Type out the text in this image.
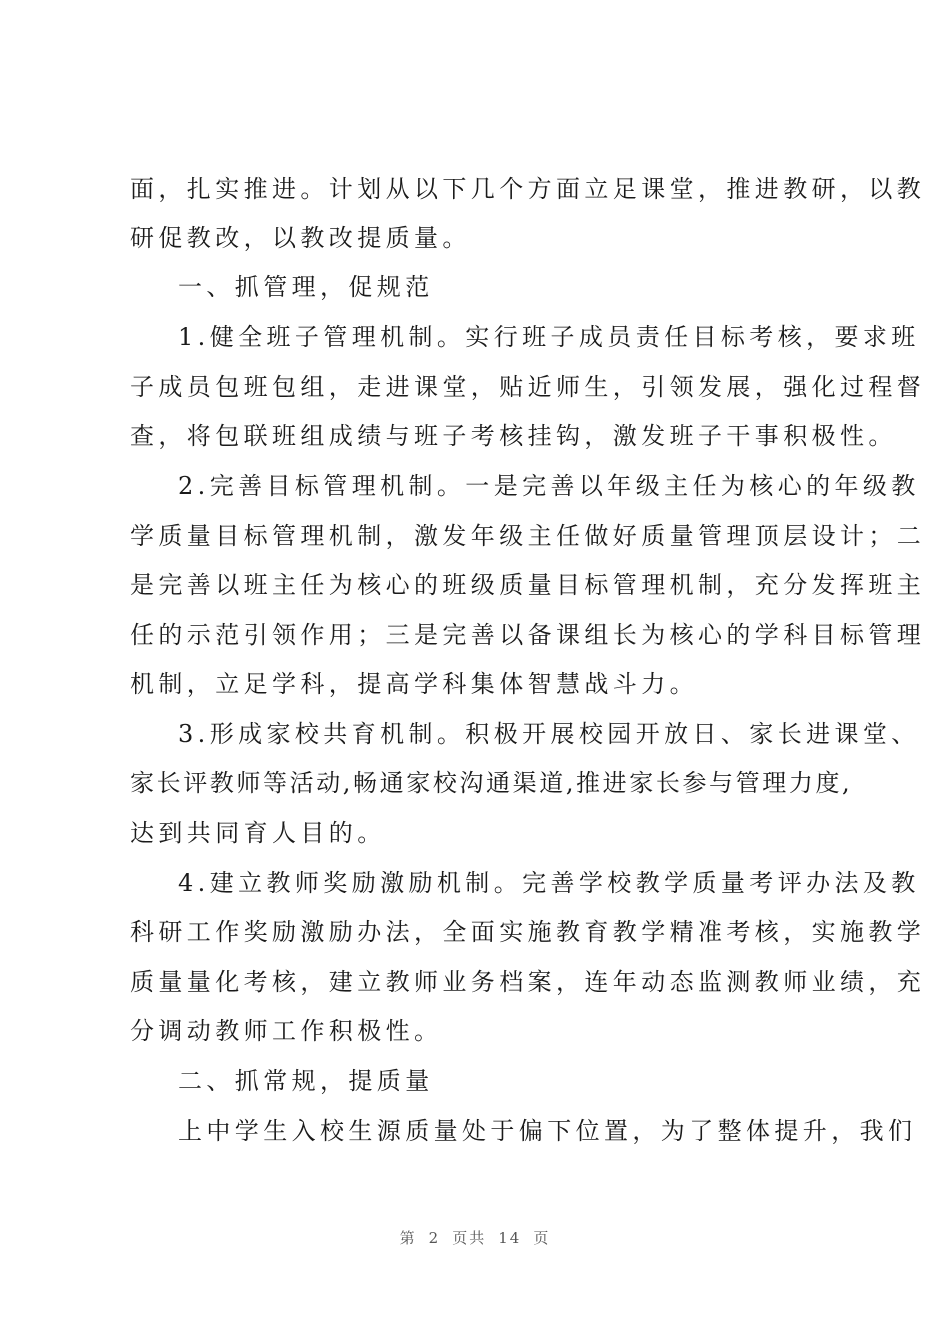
面，扎实推进。计划从以下几个方面立足课堂，推进教研，以教
研促教改，以教改提质量。
一、抓管理，促规范
1.健全班子管理机制。实行班子成员责任目标考核，要求班
子成员包班包组，走进课堂，贴近师生，引领发展，强化过程督
查，将包联班组成绩与班子考核挂钩，激发班子干事积极性。
2.完善目标管理机制。一是完善以年级主任为核心的年级教
学质量目标管理机制，激发年级主任做好质量管理顶层设计；二
是完善以班主任为核心的班级质量目标管理机制，充分发挥班主
任的示范引领作用；三是完善以备课组长为核心的学科目标管理
机制，立足学科，提高学科集体智慧战斗力。
3.形成家校共育机制。积极开展校园开放日、家长进课堂、
家长评教师等活动,畅通家校沟通渠道,推进家长参与管理力度,
达到共同育人目的。
4.建立教师奖励激励机制。完善学校教学质量考评办法及教
科研工作奖励激励办法，全面实施教育教学精准考核，实施教学
质量量化考核，建立教师业务档案，连年动态监测教师业绩，充
分调动教师工作积极性。
二、抓常规，提质量
上中学生入校生源质量处于偏下位置，为了整体提升，我们
第 2 页共 14 页
